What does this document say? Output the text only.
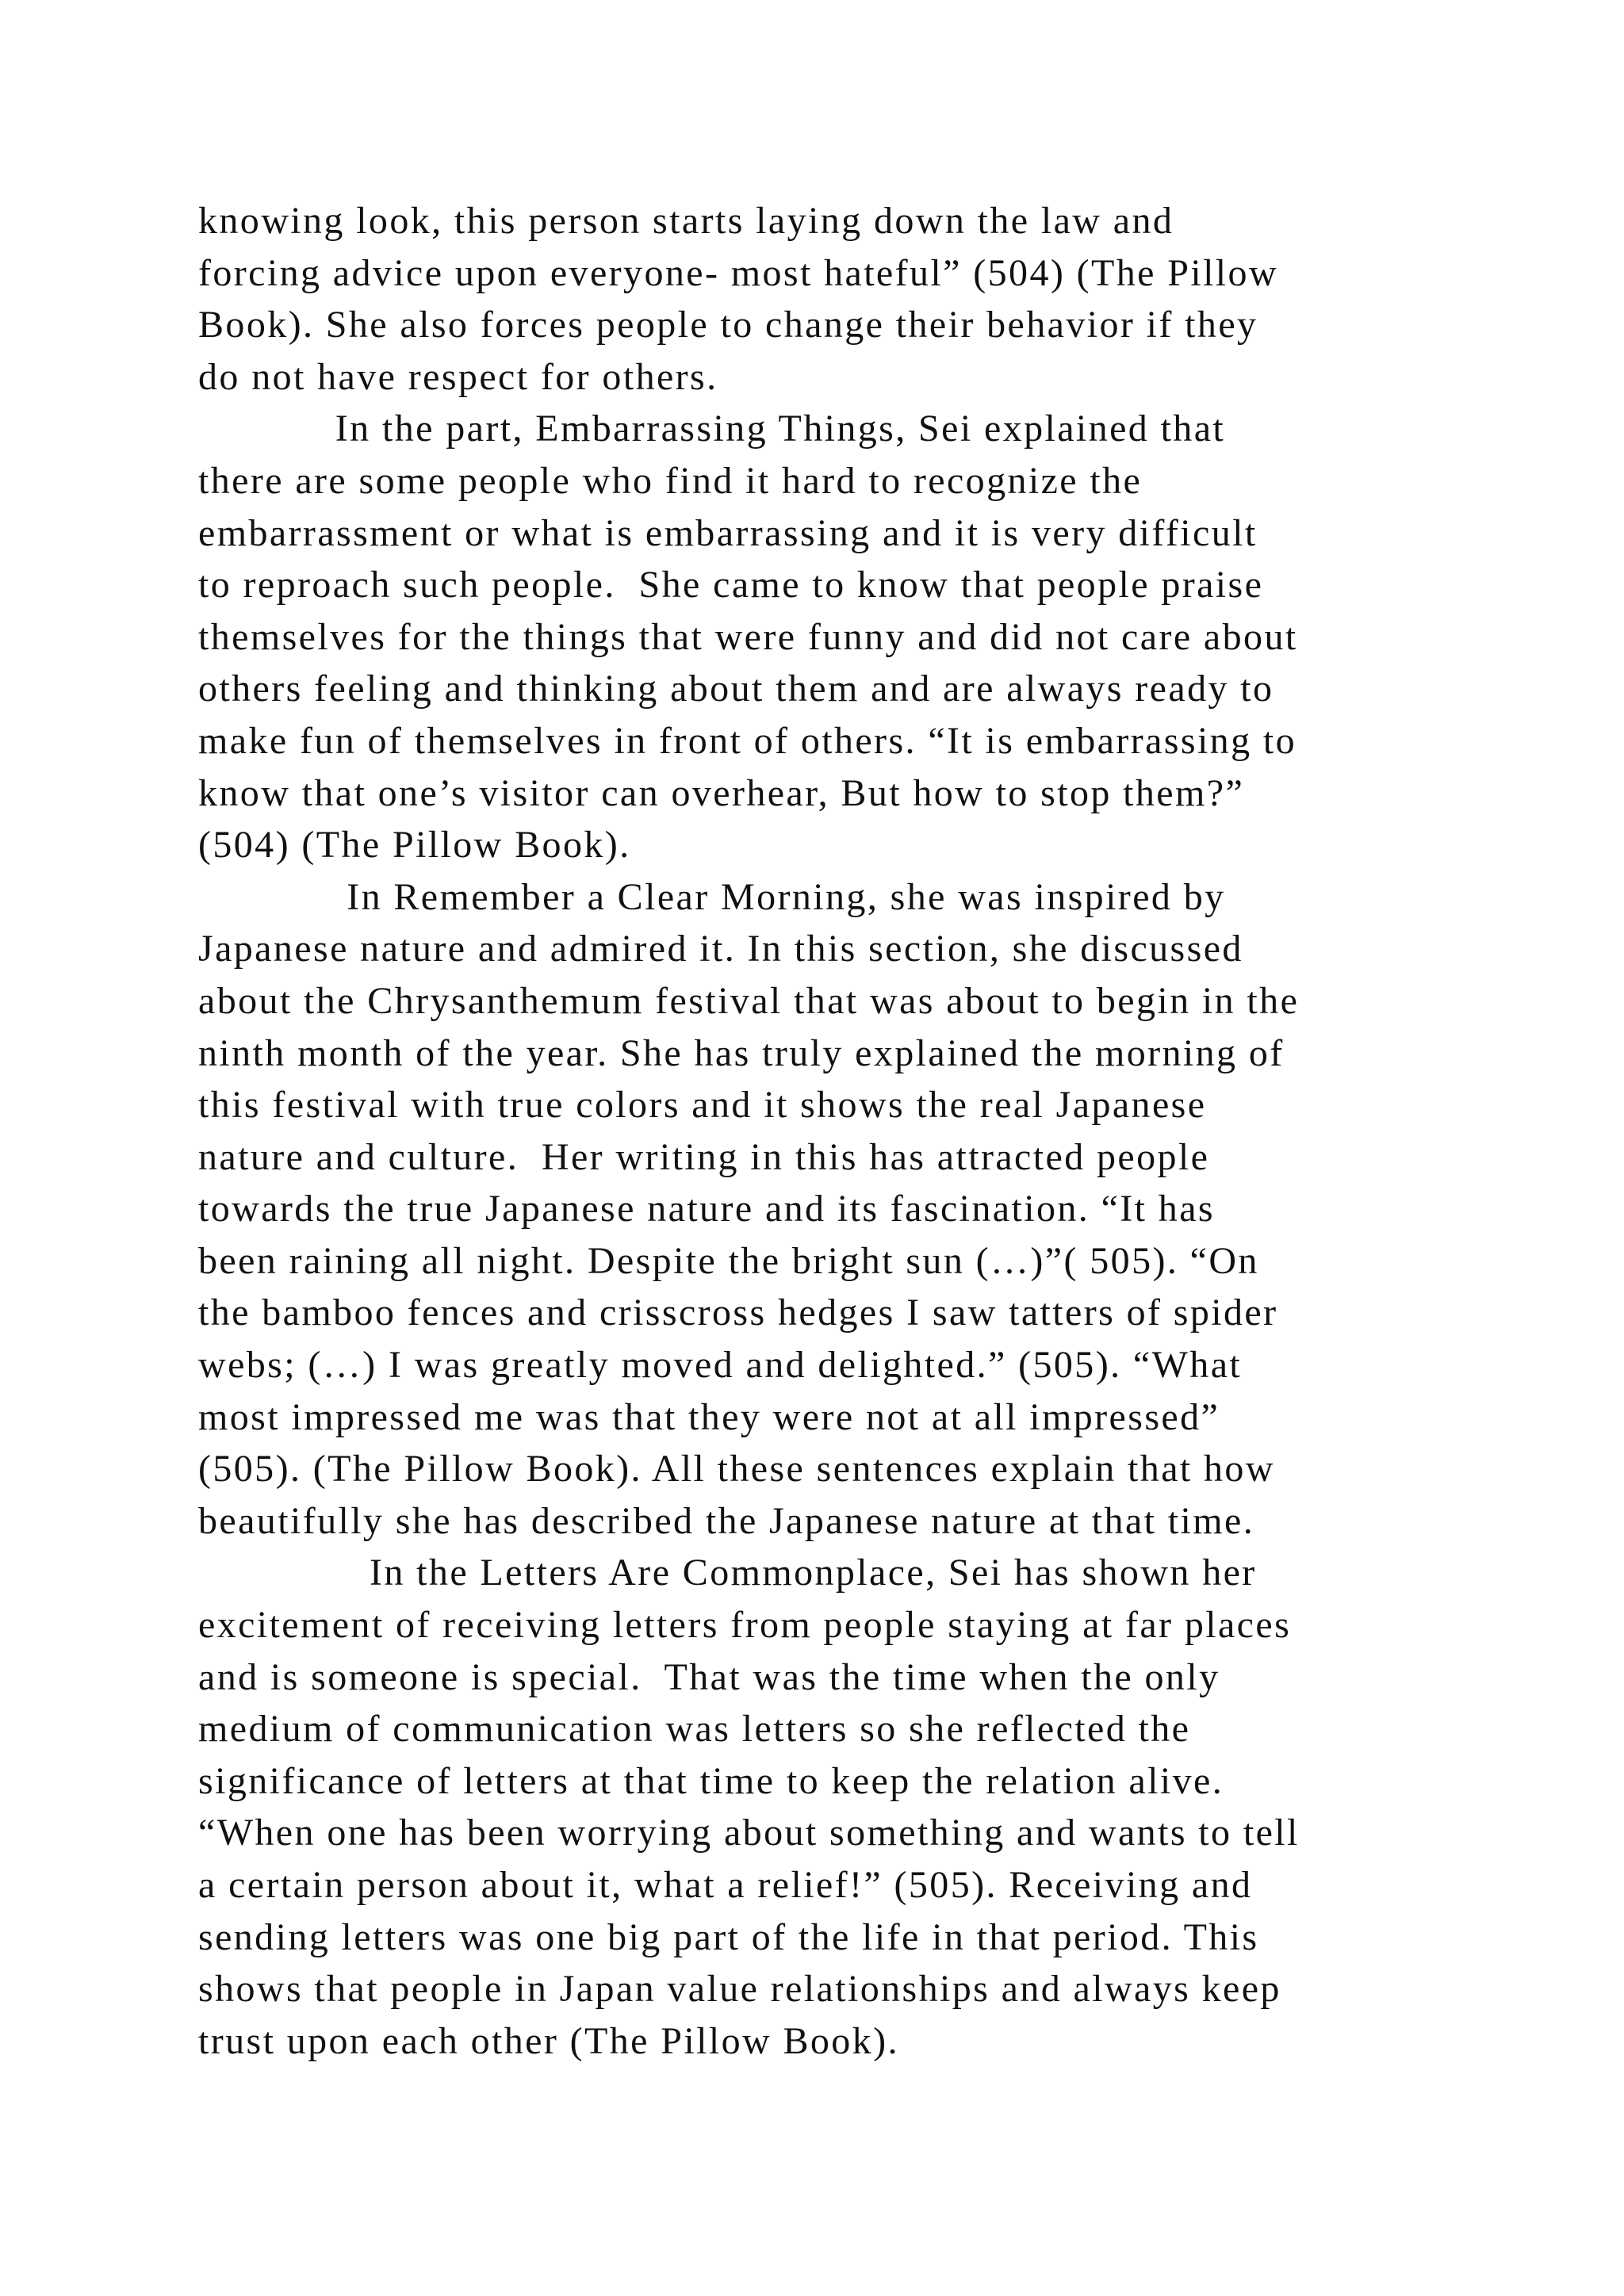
knowing look, this person starts laying down the law and
forcing advice upon everyone- most hateful” (504) (The Pillow
Book). She also forces people to change their behavior if they
do not have respect for others.
In the part, Embarrassing Things, Sei explained that
there are some people who find it hard to recognize the
embarrassment or what is embarrassing and it is very difficult
to reproach such people.  She came to know that people praise
themselves for the things that were funny and did not care about
others feeling and thinking about them and are always ready to
make fun of themselves in front of others. “It is embarrassing to
know that one’s visitor can overhear, But how to stop them?”
(504) (The Pillow Book).
In Remember a Clear Morning, she was inspired by
Japanese nature and admired it. In this section, she discussed
about the Chrysanthemum festival that was about to begin in the
ninth month of the year. She has truly explained the morning of
this festival with true colors and it shows the real Japanese
nature and culture.  Her writing in this has attracted people
towards the true Japanese nature and its fascination. “It has
been raining all night. Despite the bright sun (…)”( 505). “On
the bamboo fences and crisscross hedges I saw tatters of spider
webs; (…) I was greatly moved and delighted.” (505). “What
most impressed me was that they were not at all impressed”
(505). (The Pillow Book). All these sentences explain that how
beautifully she has described the Japanese nature at that time.
In the Letters Are Commonplace, Sei has shown her
excitement of receiving letters from people staying at far places
and is someone is special.  That was the time when the only
medium of communication was letters so she reflected the
significance of letters at that time to keep the relation alive.
“When one has been worrying about something and wants to tell
a certain person about it, what a relief!” (505). Receiving and
sending letters was one big part of the life in that period. This
shows that people in Japan value relationships and always keep
trust upon each other (The Pillow Book).
